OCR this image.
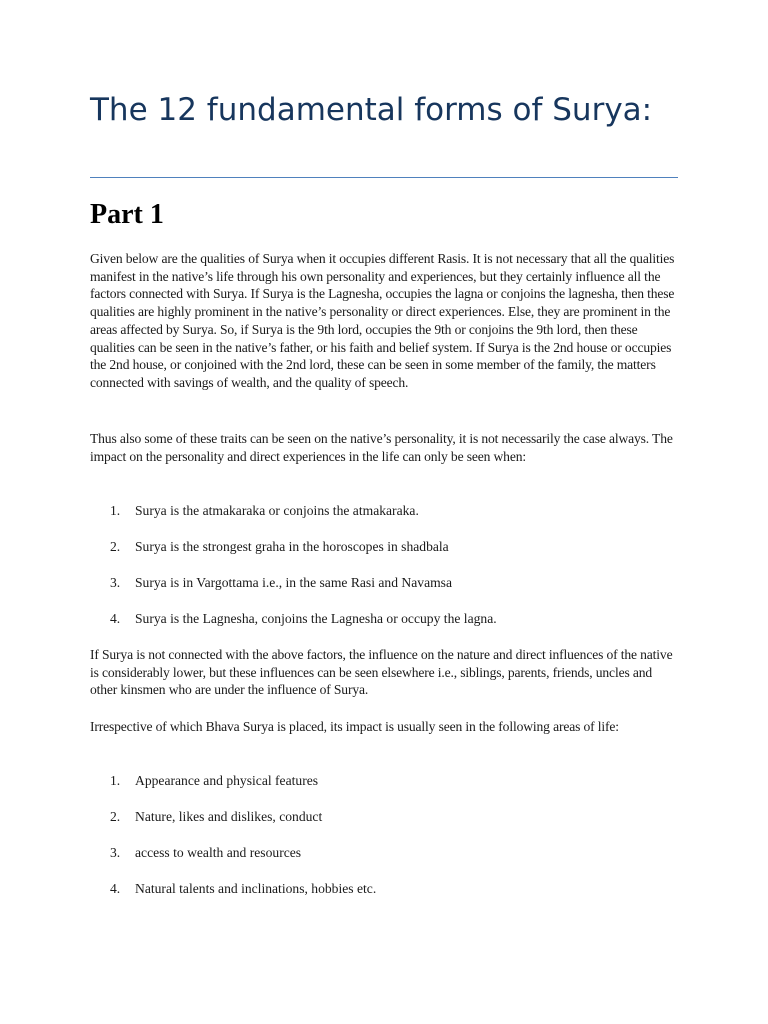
The 12 fundamental forms of Surya:
Part 1

Given below are the qualities of Surya when it occupies different Rasis. It is not necessary that all the qualities manifest in the native’s life through his own personality and experiences, but they certainly influence all the factors connected with Surya. If Surya is the Lagnesha, occupies the lagna or conjoins the lagnesha, then these qualities are highly prominent in the native’s personality or direct experiences. Else, they are prominent in the areas affected by Surya. So, if Surya is the 9th lord, occupies the 9th or conjoins the 9th lord, then these qualities can be seen in the native’s father, or his faith and belief system. If Surya is the 2nd house or occupies the 2nd house, or conjoined with the 2nd lord, these can be seen in some member of the family, the matters connected with savings of wealth, and the quality of speech.

Thus also some of these traits can be seen on the native’s personality, it is not necessarily the case always. The impact on the personality and direct experiences in the life can only be seen when:

1.	Surya is the atmakaraka or conjoins the atmakaraka.
2.	Surya is the strongest graha in the horoscopes in shadbala
3.	Surya is in Vargottama i.e., in the same Rasi and Navamsa
4.	Surya is the Lagnesha, conjoins the Lagnesha or occupy the lagna.

If Surya is not connected with the above factors, the influence on the nature and direct influences of the native is considerably lower, but these influences can be seen elsewhere i.e., siblings, parents, friends, uncles and other kinsmen who are under the influence of Surya.

Irrespective of which Bhava Surya is placed, its impact is usually seen in the following areas of life:

1.	Appearance and physical features
2.	Nature, likes and dislikes, conduct
3.	access to wealth and resources
4.	Natural talents and inclinations, hobbies etc.
